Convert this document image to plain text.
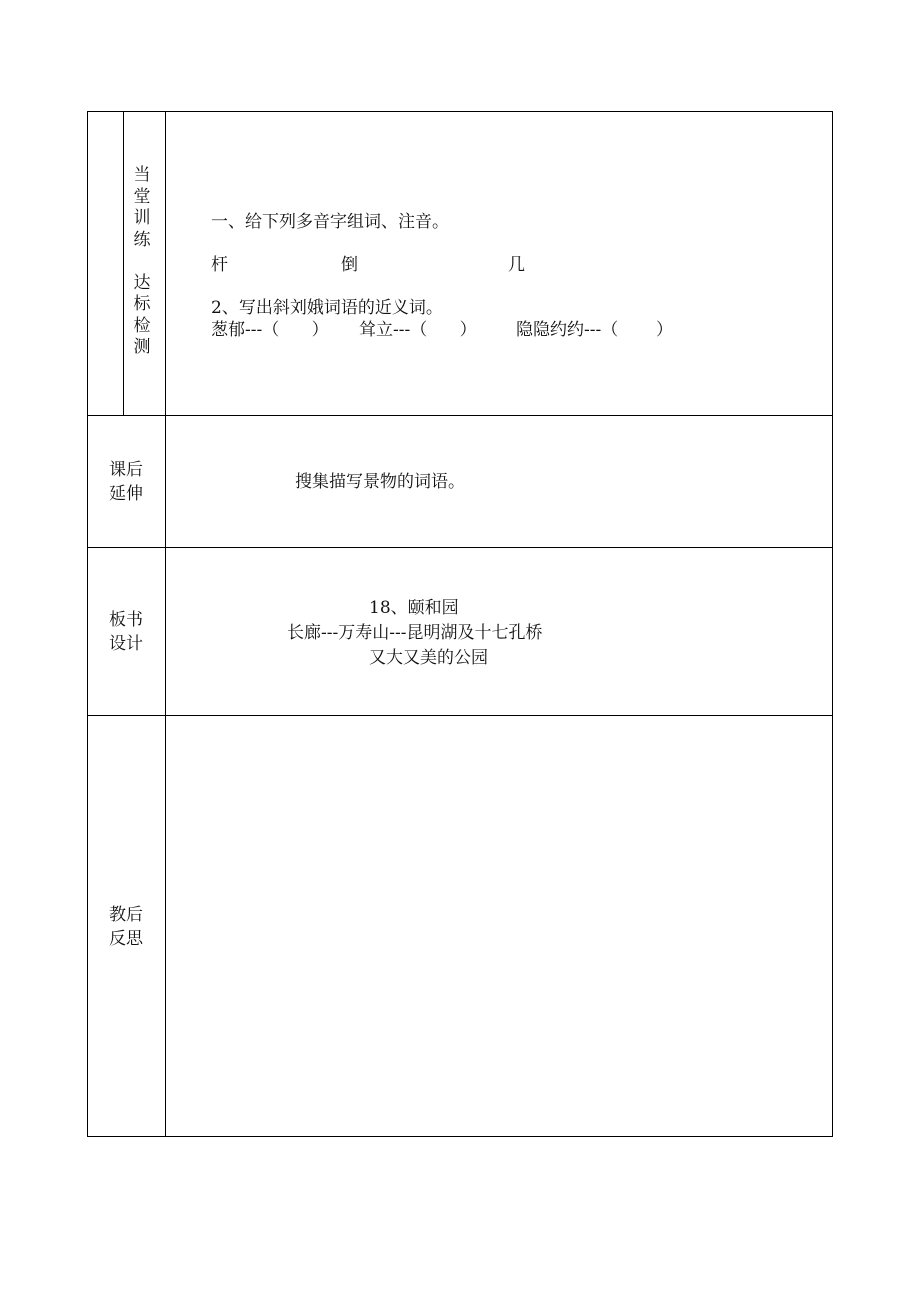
当
堂
训
练

达
标
检
测
一、给下列多音字组词、注音。
杆	倒	几
2、写出斜刘娥词语的近义词。
葱郁---（      ） 耸立---（      ） 隐隐约约---（       ）
课后
延伸
搜集描写景物的词语。
板书
设计
18、颐和园
长廊---万寿山---昆明湖及十七孔桥
又大又美的公园
教后
反思
